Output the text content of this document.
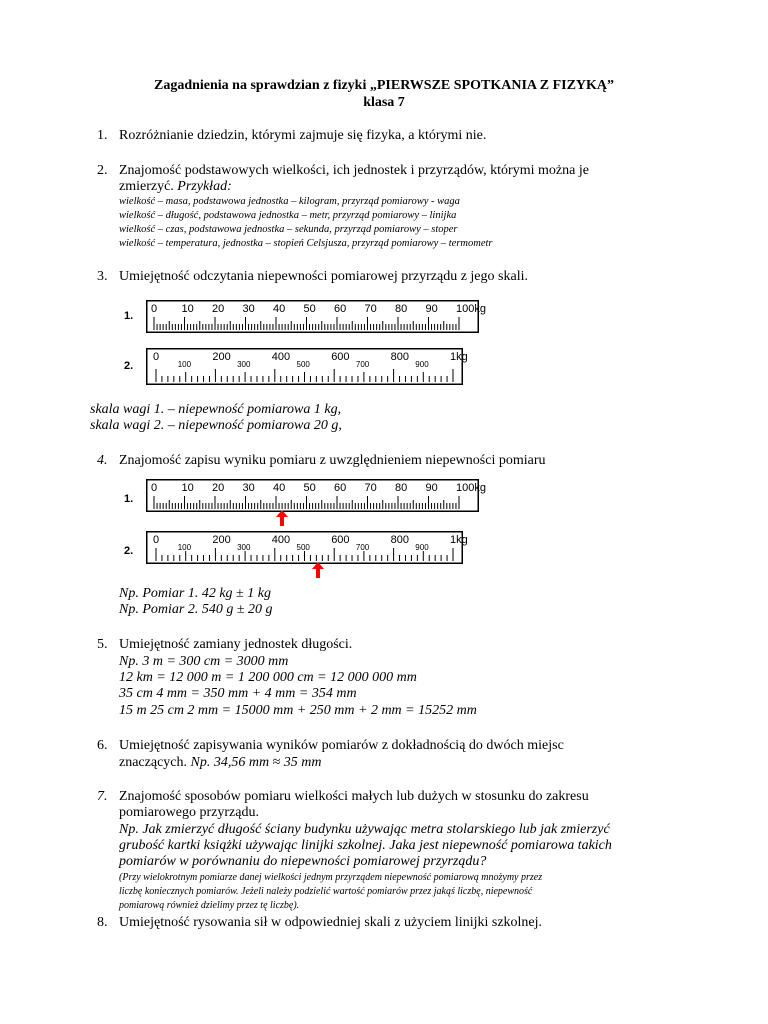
Zagadnienia na sprawdzian z fizyki „PIERWSZE SPOTKANIA Z FIZYKĄ”
klasa 7
1. Rozróżnianie dziedzin, którymi zajmuje się fizyka, a którymi nie.
2. Znajomość podstawowych wielkości, ich jednostek i przyrządów, którymi można je
zmierzyć. Przykład:
wielkość – masa, podstawowa jednostka – kilogram, przyrząd pomiarowy - waga
wielkość – długość, podstawowa jednostka – metr, przyrząd pomiarowy – linijka
wielkość – czas, podstawowa jednostka – sekunda, przyrząd pomiarowy – stoper
wielkość – temperatura, jednostka – stopień Celsjusza, przyrząd pomiarowy – termometr
3. Umiejętność odczytania niepewności pomiarowej przyrządu z jego skali.
1.
0 10 20 30 40 50 60 70 80 90 100kg
2.
0	200	400	600	800	1kg
100	300	500	700	900
skala wagi 1. – niepewność pomiarowa 1 kg,
skala wagi 2. – niepewność pomiarowa 20 g,
4. Znajomość zapisu wyniku pomiaru z uwzględnieniem niepewności pomiaru
1.
0 10 20 30 40 50 60 70 80 90 100kg
2.
0	200	400	600	800	1kg
100	300	500	700	900
Np. Pomiar 1. 42 kg ± 1 kg
Np. Pomiar 2. 540 g ± 20 g
5. Umiejętność zamiany jednostek długości.
Np. 3 m = 300 cm = 3000 mm
12 km = 12 000 m = 1 200 000 cm = 12 000 000 mm
35 cm 4 mm = 350 mm + 4 mm = 354 mm
15 m 25 cm 2 mm = 15000 mm + 250 mm + 2 mm = 15252 mm
6. Umiejętność zapisywania wyników pomiarów z dokładnością do dwóch miejsc
znaczących. Np. 34,56 mm ≈ 35 mm
7. Znajomość sposobów pomiaru wielkości małych lub dużych w stosunku do zakresu
pomiarowego przyrządu.
Np. Jak zmierzyć długość ściany budynku używając metra stolarskiego lub jak zmierzyć
grubość kartki książki używając linijki szkolnej. Jaka jest niepewność pomiarowa takich
pomiarów w porównaniu do niepewności pomiarowej przyrządu?
(Przy wielokrotnym pomiarze danej wielkości jednym przyrządem niepewność pomiarową mnożymy przez
liczbę koniecznych pomiarów. Jeżeli należy podzielić wartość pomiarów przez jakąś liczbę, niepewność
pomiarową również dzielimy przez tę liczbę).
8. Umiejętność rysowania sił w odpowiedniej skali z użyciem linijki szkolnej.
